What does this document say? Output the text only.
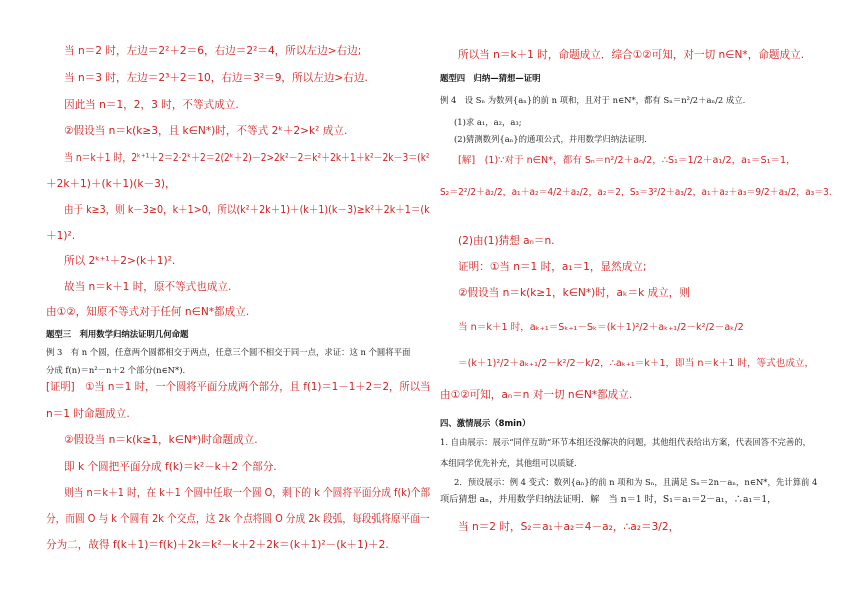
当 n＝2 时，左边＝2²＋2＝6，右边＝2²＝4，所以左边>右边;
当 n＝3 时，左边＝2³＋2＝10，右边＝3²＝9，所以左边>右边.
因此当 n＝1，2，3 时，不等式成立.
②假设当 n＝k(k≥3，且 k∈N*)时，不等式 2ᵏ＋2>k² 成立.
当 n＝k＋1 时，2ᵏ⁺¹＋2＝2·2ᵏ＋2＝2(2ᵏ＋2)－2>2k²－2＝k²＋2k＋1＋k²－2k－3＝(k²
＋2k＋1)＋(k＋1)(k－3)，
由于 k≥3，则 k－3≥0，k＋1>0，所以(k²＋2k＋1)＋(k＋1)(k－3)≥k²＋2k＋1＝(k
＋1)².
所以 2ᵏ⁺¹＋2>(k＋1)².
故当 n＝k＋1 时，原不等式也成立.
由①②，知原不等式对于任何 n∈N*都成立.
题型三　利用数学归纳法证明几何命题
例 3　有 n 个圆，任意两个圆都相交于两点，任意三个圆不相交于同一点，求证：这 n 个圆将平面
分成 f(n)＝n²－n＋2 个部分(n∈N*).
[证明]　①当 n＝1 时，一个圆将平面分成两个部分，且 f(1)＝1－1＋2＝2，所以当
n＝1 时命题成立.
②假设当 n＝k(k≥1，k∈N*)时命题成立.
即 k 个圆把平面分成 f(k)＝k²－k＋2 个部分.
则当 n＝k＋1 时，在 k＋1 个圆中任取一个圆 O，剩下的 k 个圆将平面分成 f(k)个部
分，而圆 O 与 k 个圆有 2k 个交点，这 2k 个点将圆 O 分成 2k 段弧，每段弧将原平面一
分为二，故得 f(k＋1)＝f(k)＋2k＝k²－k＋2＋2k＝(k＋1)²－(k＋1)＋2.
所以当 n＝k＋1 时，命题成立．综合①②可知，对一切 n∈N*，命题成立.
题型四　归纳—猜想—证明
例 4　设 Sₙ 为数列{aₙ}的前 n 项和，且对于 n∈N*，都有 Sₙ＝n²/2＋aₙ/2 成立.
(1)求 a₁，a₂，a₃;
(2)猜测数列{aₙ}的通项公式，并用数学归纳法证明.
[解]　(1)∵对于 n∈N*，都有 Sₙ＝n²/2＋aₙ/2，∴S₁＝1/2＋a₁/2，a₁＝S₁＝1，
S₂＝2²/2＋a₂/2，a₁＋a₂＝4/2＋a₂/2，a₂＝2，S₃＝3²/2＋a₃/2，a₁＋a₂＋a₃＝9/2＋a₃/2，a₃＝3.
(2)由(1)猜想 aₙ＝n.
证明：①当 n＝1 时，a₁＝1，显然成立;
②假设当 n＝k(k≥1，k∈N*)时，aₖ＝k 成立，则
当 n＝k＋1 时，aₖ₊₁＝Sₖ₊₁－Sₖ＝(k＋1)²/2＋aₖ₊₁/2－k²/2－aₖ/2
＝(k＋1)²/2＋aₖ₊₁/2－k²/2－k/2，∴aₖ₊₁＝k＋1，即当 n＝k＋1 时，等式也成立，
由①②可知，aₙ＝n 对一切 n∈N*都成立.
四、激情展示（8min）
1. 自由展示：展示“同伴互助”环节本组还没解决的问题，其他组代表给出方案，代表回答不完善的，
本组同学优先补充，其他组可以质疑.
2．预设展示：例 4 变式：数列{aₙ}的前 n 项和为 Sₙ，且满足 Sₙ＝2n－aₙ，n∈N*，先计算前 4
项后猜想 aₙ，并用数学归纳法证明．解　当 n＝1 时，S₁＝a₁＝2－a₁，∴a₁＝1，
当 n＝2 时，S₂＝a₁＋a₂＝4－a₂，∴a₂＝3/2，
